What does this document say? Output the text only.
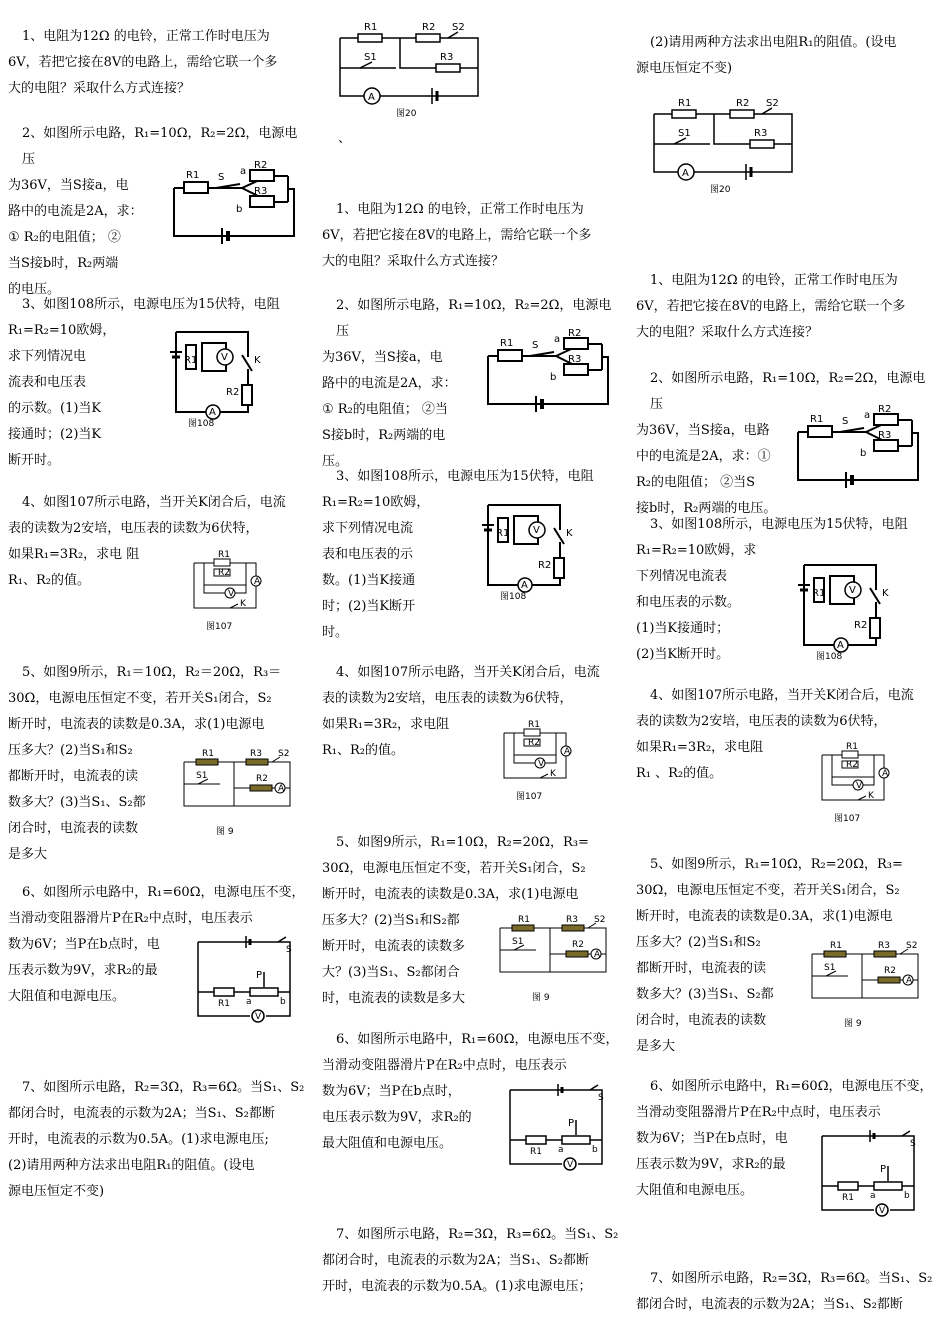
1、电阻为12Ω 的电铃，正常工作时电压为

6V，若把它接在8V的电路上，需给它联一个多

大的电阻？采取什么方式连接？

2、如图所示电路，R₁=10Ω，R₂=2Ω，电源电压

为36V，当S接a，电

路中的电流是2A，求：

① R₂的电阻值； ②

当S接b时，R₂两端

的电压。

R1
R2
R3
S
a
b

3、如图108所示，电源电压为15伏特，电阻

R₁=R₂=10欧姆，

求下列情况电

流表和电压表

的示数。(1)当K

接通时；(2)当K

断开时。

R1 V	K
R2
A
图108

4、如图107所示电路，当开关K闭合后，电流

表的读数为2安培，电压表的读数为6伏特，

如果R₁=3R₂，求电 阻

R₁、R₂的值。

R1
R2
A
V
K
图107

5、如图9所示，R₁＝10Ω，R₂＝20Ω，R₃＝

30Ω，电源电压恒定不变，若开关S₁闭合，S₂

断开时，电流表的读数是0.3A，求(1)电源电

压多大？(2)当S₁和S₂

都断开时，电流表的读

数多大？(3)当S₁、S₂都

闭合时，电流表的读数

是多大

R1	R3 S2
S1	R2
A
图 9

6、如图所示电路中，R₁=60Ω，电源电压不变，

当滑动变阻器滑片P在R₂中点时，电压表示

数为6V；当P在b点时，电

压表示数为9V，求R₂的最

大阻值和电源电压。

S
P
R1 a	b
V

7、如图所示电路，R₂=3Ω，R₃=6Ω。当S₁、S₂

都闭合时，电流表的示数为2A；当S₁、S₂都断

开时，电流表的示数为0.5A。(1)求电源电压;

(2)请用两种方法求出电阻R₁的阻值。(设电

源电压恒定不变)

R1	R2 S2
S1	R3
A
图20

、

1、电阻为12Ω 的电铃，正常工作时电压为

6V，若把它接在8V的电路上，需给它联一个多

大的电阻？采取什么方式连接？

2、如图所示电路，R₁=10Ω，R₂=2Ω，电源电压

为36V，当S接a，电

路中的电流是2A，求：

① R₂的电阻值； ②当

S接b时，R₂两端的电

压。

R1
R2
R3
S
a
b

3、如图108所示，电源电压为15伏特，电阻

R₁=R₂=10欧姆，

求下列情况电流

表和电压表的示

数。(1)当K接通

时；(2)当K断开

时。

R1 V	K
R2
A
图108

4、如图107所示电路，当开关K闭合后，电流

表的读数为2安培，电压表的读数为6伏特，

如果R₁=3R₂，求电阻

R₁、R₂的值。

R1
R2
A
V
K
图107

5、如图9所示，R₁=10Ω，R₂=20Ω，R₃=

30Ω，电源电压恒定不变，若开关S₁闭合，S₂

断开时，电流表的读数是0.3A，求(1)电源电

压多大？(2)当S₁和S₂都

断开时，电流表的读数多

大？(3)当S₁、S₂都闭合

时，电流表的读数是多大

R1	R3 S2
S1	R2
A
图 9

6、如图所示电路中，R₁=60Ω，电源电压不变，

当滑动变阻器滑片P在R₂中点时，电压表示

数为6V；当P在b点时，

电压表示数为9V，求R₂的

最大阻值和电源电压。

S
P
R1 a	b
V

7、如图所示电路，R₂=3Ω，R₃=6Ω。当S₁、S₂

都闭合时，电流表的示数为2A；当S₁、S₂都断

开时，电流表的示数为0.5A。(1)求电源电压；

(2)请用两种方法求出电阻R₁的阻值。(设电

源电压恒定不变)

R1	R2 S2
S1	R3
A
图20

1、电阻为12Ω 的电铃，正常工作时电压为

6V，若把它接在8V的电路上，需给它联一个多

大的电阻？采取什么方式连接？

2、如图所示电路，R₁=10Ω，R₂=2Ω，电源电压

为36V，当S接a，电路

中的电流是2A，求：①

R₂的电阻值； ②当S

接b时，R₂两端的电压。

R1
R2
R3
S
a
b

3、如图108所示，电源电压为15伏特，电阻

R₁=R₂=10欧姆，求

下列情况电流表

和电压表的示数。

(1)当K接通时；

(2)当K断开时。

R1 V	K
R2
A
图108

4、如图107所示电路，当开关K闭合后，电流

表的读数为2安培，电压表的读数为6伏特，

如果R₁=3R₂，求电阻

R₁ 、R₂的值。

R1
R2
A
V
K
图107

5、如图9所示，R₁=10Ω，R₂=20Ω，R₃=

30Ω，电源电压恒定不变，若开关S₁闭合，S₂

断开时，电流表的读数是0.3A，求(1)电源电

压多大？(2)当S₁和S₂

都断开时，电流表的读

数多大？(3)当S₁、S₂都

闭合时，电流表的读数

是多大

R1	R3 S2
S1	R2
A
图 9

6、如图所示电路中，R₁=60Ω，电源电压不变，

当滑动变阻器滑片P在R₂中点时，电压表示

数为6V；当P在b点时，电

压表示数为9V，求R₂的最

大阻值和电源电压。

S
P
R1 a	b
V

7、如图所示电路，R₂=3Ω，R₃=6Ω。当S₁、S₂

都闭合时，电流表的示数为2A；当S₁、S₂都断
